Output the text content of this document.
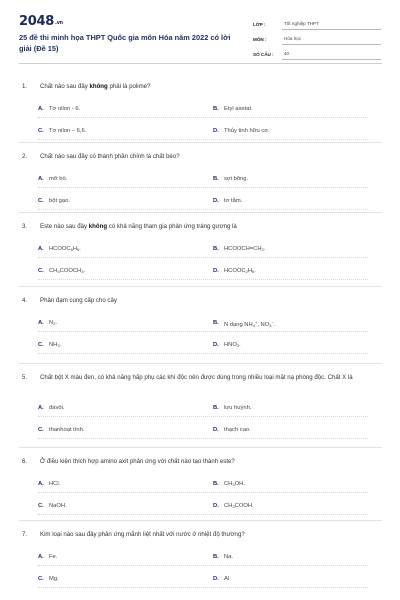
2048.vn
25 đề thi minh họa THPT Quốc gia môn Hóa năm 2022 có lời giải (Đề 15)
LỚP :	Tốt nghiệp THPT
MÔN :	Hóa học
SỐ CÂU :	40
1.	Chất nào sau đây không phải là polime?
A. Tơ nilon - 6.	B. Etyl axetat.
C. Tơ nilon – 6,6.	D. Thủy tinh hữu cơ.
2.	Chất nào sau đây có thành phần chính là chất béo?
A. mỡ bò.	B. sợi bông.
C. bột gạo.	D. tơ tằm.
3.	Este nào sau đây không có khả năng tham gia phản ứng tráng gương là
A. $HCOOC_6H_5$.	B. $HCOOCH=CH_2$.
C. $CH_3COOCH_3$.	D. $HCOOC_2H_5$.
4.	Phân đạm cung cấp cho cây
A. $N_2$.	B. N dạng $NH_4^+$, $NO_3^-$.
C. $NH_3$.	D. $HNO_3$.
5.	Chất bột X màu đen, có khả năng hấp phụ các khí độc nên được dùng trong nhiều loại mặt nạ phòng độc. Chất X là
A. đávôi.	B. lưu huỳnh.
C. thanhoạt tính.	D. thạch cao.
6.	Ở điều kiện thích hợp amino axit phản ứng với chất nào tạo thành este?
A. HCl.	B. $CH_3OH$.
C. NaOH.	D. $CH_3COOH$.
7.	Kim loại nào sau đây phản ứng mãnh liệt nhất với nước ở nhiệt độ thường?
A. Fe.	B. Na.
C. Mg.	D. Al.
